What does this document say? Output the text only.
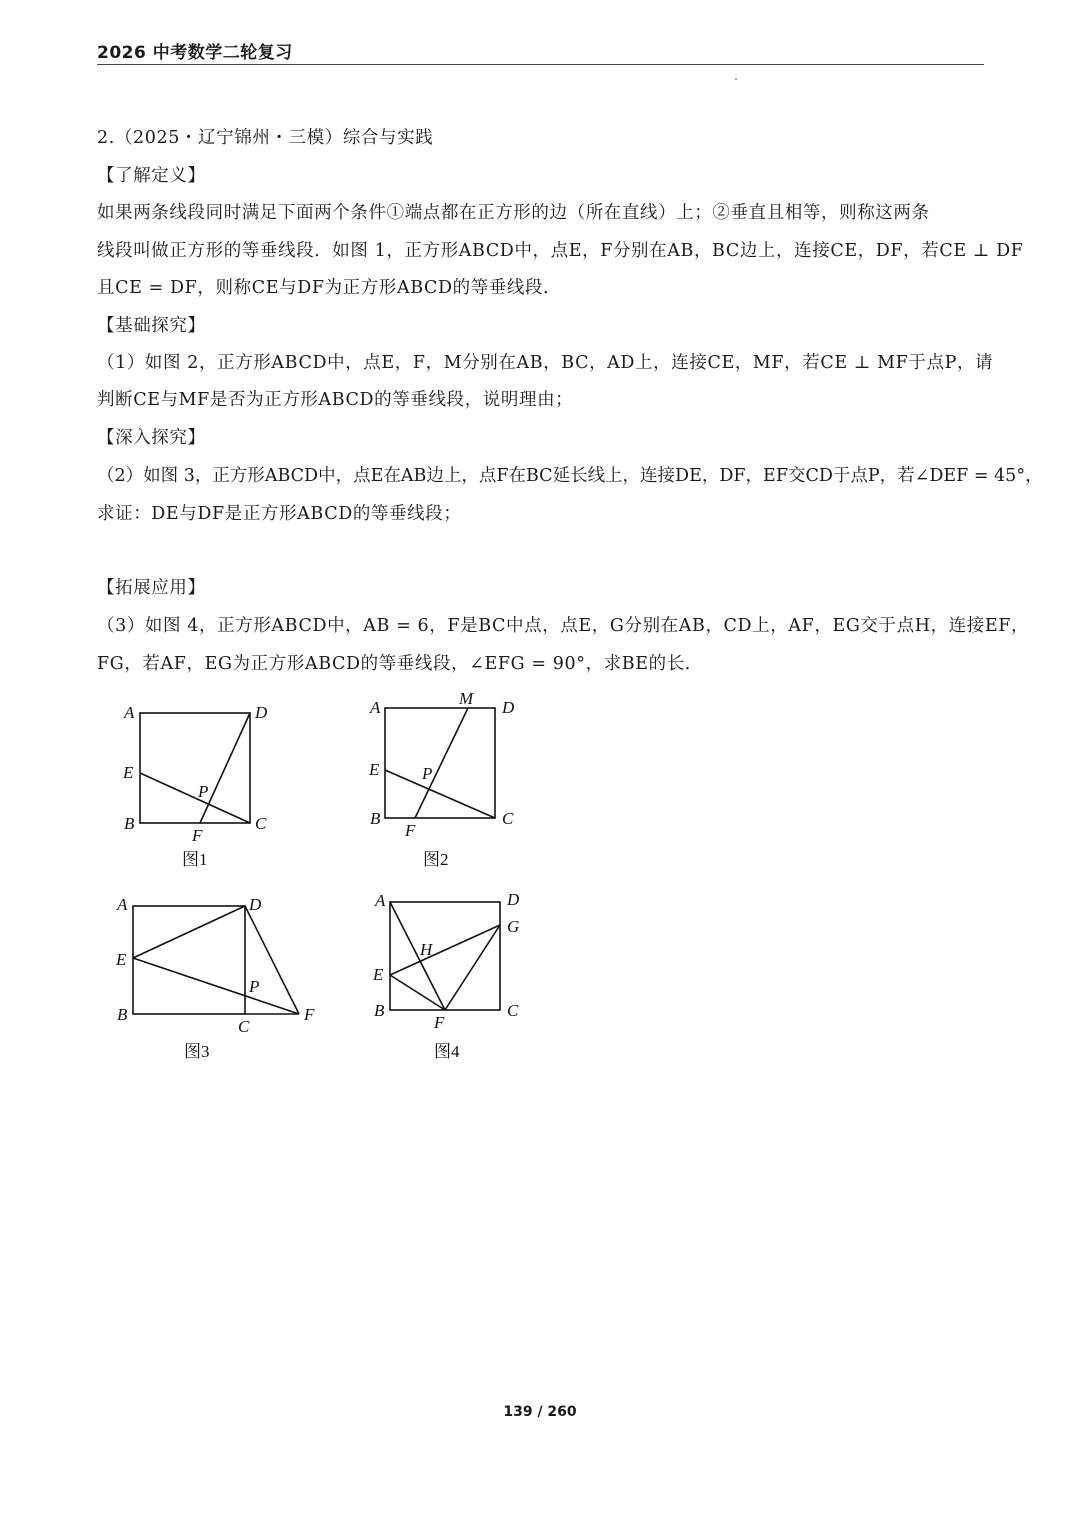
2026 中考数学二轮复习
2.（2025・辽宁锦州・三模）综合与实践
【了解定义】
如果两条线段同时满足下面两个条件①端点都在正方形的边（所在直线）上；②垂直且相等，则称这两条
线段叫做正方形的等垂线段．如图 1，正方形ABCD中，点E，F分别在AB，BC边上，连接CE，DF，若CE ⊥ DF
且CE = DF，则称CE与DF为正方形ABCD的等垂线段．
【基础探究】
（1）如图 2，正方形ABCD中，点E，F，M分别在AB，BC，AD上，连接CE，MF，若CE ⊥ MF于点P，请
判断CE与MF是否为正方形ABCD的等垂线段，说明理由；
【深入探究】
（2）如图 3，正方形ABCD中，点E在AB边上，点F在BC延长线上，连接DE，DF，EF交CD于点P，若∠DEF = 45°，
求证：DE与DF是正方形ABCD的等垂线段；
【拓展应用】
（3）如图 4，正方形ABCD中，AB = 6，F是BC中点，点E，G分别在AB，CD上，AF，EG交于点H，连接EF，
FG，若AF，EG为正方形ABCD的等垂线段，∠EFG = 90°，求BE的长．
A	D
E
P
B	C
F
图1
A	M D
E	P
B	C
F
图2
A	D
E
P
B
C
F
图3
A	D
G
H
E
B	C
F
图4
139 / 260
